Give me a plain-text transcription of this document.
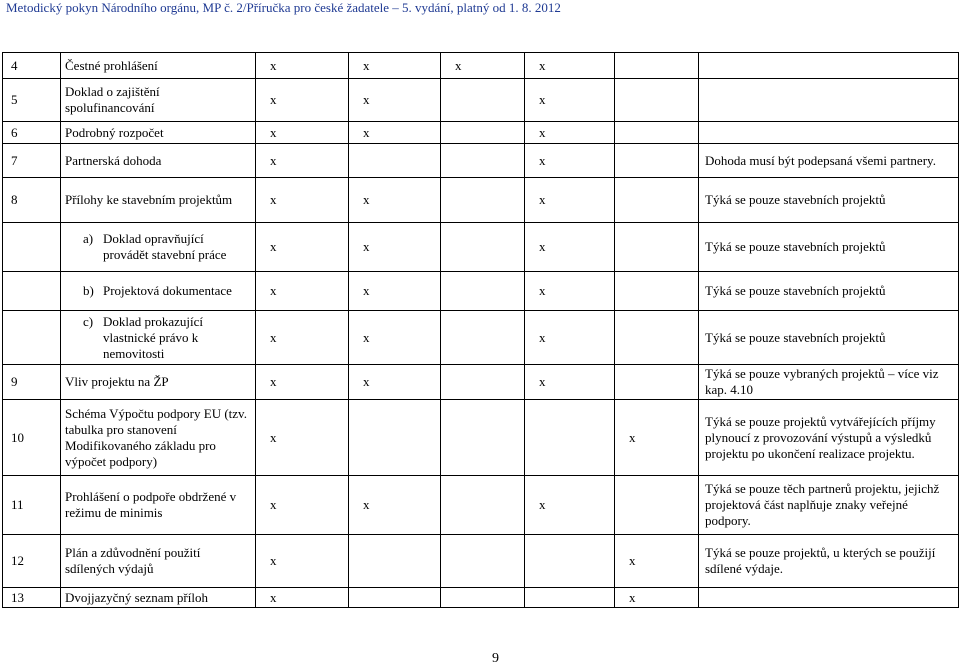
Metodický pokyn Národního orgánu, MP č. 2/Příručka pro české žadatele – 5. vydání, platný od 1. 8. 2012
4	Čestné prohlášení	x	x	x	x		
5	Doklad o zajištění spolufinancování	x	x		x		
6	Podrobný rozpočet	x	x		x		
7	Partnerská dohoda	x			x		Dohoda musí být podepsaná všemi partnery.
8	Přílohy ke stavebním projektům	x	x		x		Týká se pouze stavebních projektů

	a) Doklad opravňující provádět stavební práce	x	x		x		Týká se pouze stavebních projektů

	b) Projektová dokumentace	x	x		x		Týká se pouze stavebních projektů

	c) Doklad prokazující vlastnické právo k nemovitosti	x	x		x		Týká se pouze stavebních projektů
9	Vliv projektu na ŽP	x	x		x		Týká se pouze vybraných projektů – více viz kap. 4.10
10	Schéma Výpočtu podpory EU (tzv. tabulka pro stanovení Modifikovaného základu pro výpočet podpory)	x				x	Týká se pouze projektů vytvářejících příjmy plynoucí z provozování výstupů a výsledků projektu po ukončení realizace projektu.
11	Prohlášení o podpoře obdržené v režimu de minimis	x	x		x		Týká se pouze těch partnerů projektu, jejichž projektová část naplňuje znaky veřejné podpory.
12	Plán a zdůvodnění použití sdílených výdajů	x				x	Týká se pouze projektů, u kterých se použijí sdílené výdaje.
13	Dvojjazyčný seznam příloh	x				x	
9
